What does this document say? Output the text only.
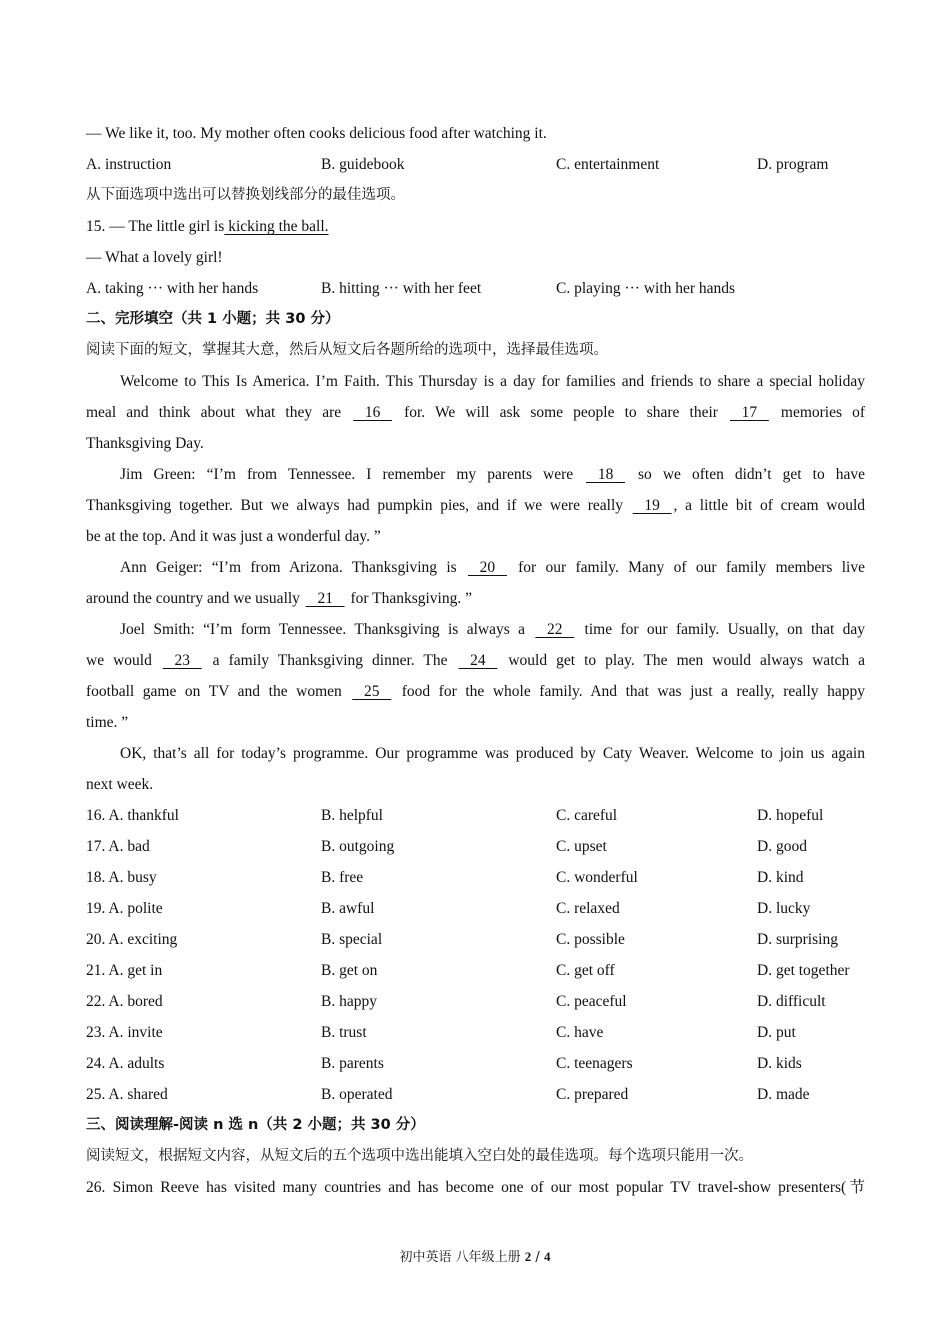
— We like it, too. My mother often cooks delicious food after watching it.
A. instruction	B. guidebook	C. entertainment	D. program
从下面选项中选出可以替换划线部分的最佳选项。
15. — The little girl is kicking the ball.
— What a lovely girl!
A. taking ··· with her hands	B. hitting ··· with her feet	C. playing ··· with her hands
二、完形填空（共 1 小题；共 30 分）
阅读下面的短文，掌握其大意，然后从短文后各题所给的选项中，选择最佳选项。
Welcome to This Is America. I’m Faith. This Thursday is a day for families and friends to share a special holiday
meal and think about what they are 16 for. We will ask some people to share their 17 memories of
Thanksgiving Day.
Jim Green: “I’m from Tennessee. I remember my parents were 18 so we often didn’t get to have
Thanksgiving together. But we always had pumpkin pies, and if we were really 19 , a little bit of cream would
be at the top. And it was just a wonderful day. ”
Ann Geiger: “I’m from Arizona. Thanksgiving is 20 for our family. Many of our family members live
around the country and we usually 21 for Thanksgiving. ”
Joel Smith: “I’m form Tennessee. Thanksgiving is always a 22 time for our family. Usually, on that day
we would 23 a family Thanksgiving dinner. The 24 would get to play. The men would always watch a
football game on TV and the women 25 food for the whole family. And that was just a really, really happy
time. ”
OK, that’s all for today’s programme. Our programme was produced by Caty Weaver. Welcome to join us again
next week.
16. A. thankful	B. helpful	C. careful	D. hopeful
17. A. bad	B. outgoing	C. upset	D. good
18. A. busy	B. free	C. wonderful	D. kind
19. A. polite	B. awful	C. relaxed	D. lucky
20. A. exciting	B. special	C. possible	D. surprising
21. A. get in	B. get on	C. get off	D. get together
22. A. bored	B. happy	C. peaceful	D. difficult
23. A. invite	B. trust	C. have	D. put
24. A. adults	B. parents	C. teenagers	D. kids
25. A. shared	B. operated	C. prepared	D. made
三、阅读理解-阅读 n 选 n（共 2 小题；共 30 分）
阅读短文，根据短文内容，从短文后的五个选项中选出能填入空白处的最佳选项。每个选项只能用一次。
26. Simon Reeve has visited many countries and has become one of our most popular TV travel-show presenters(节
初中英语 八年级上册 2 / 4
